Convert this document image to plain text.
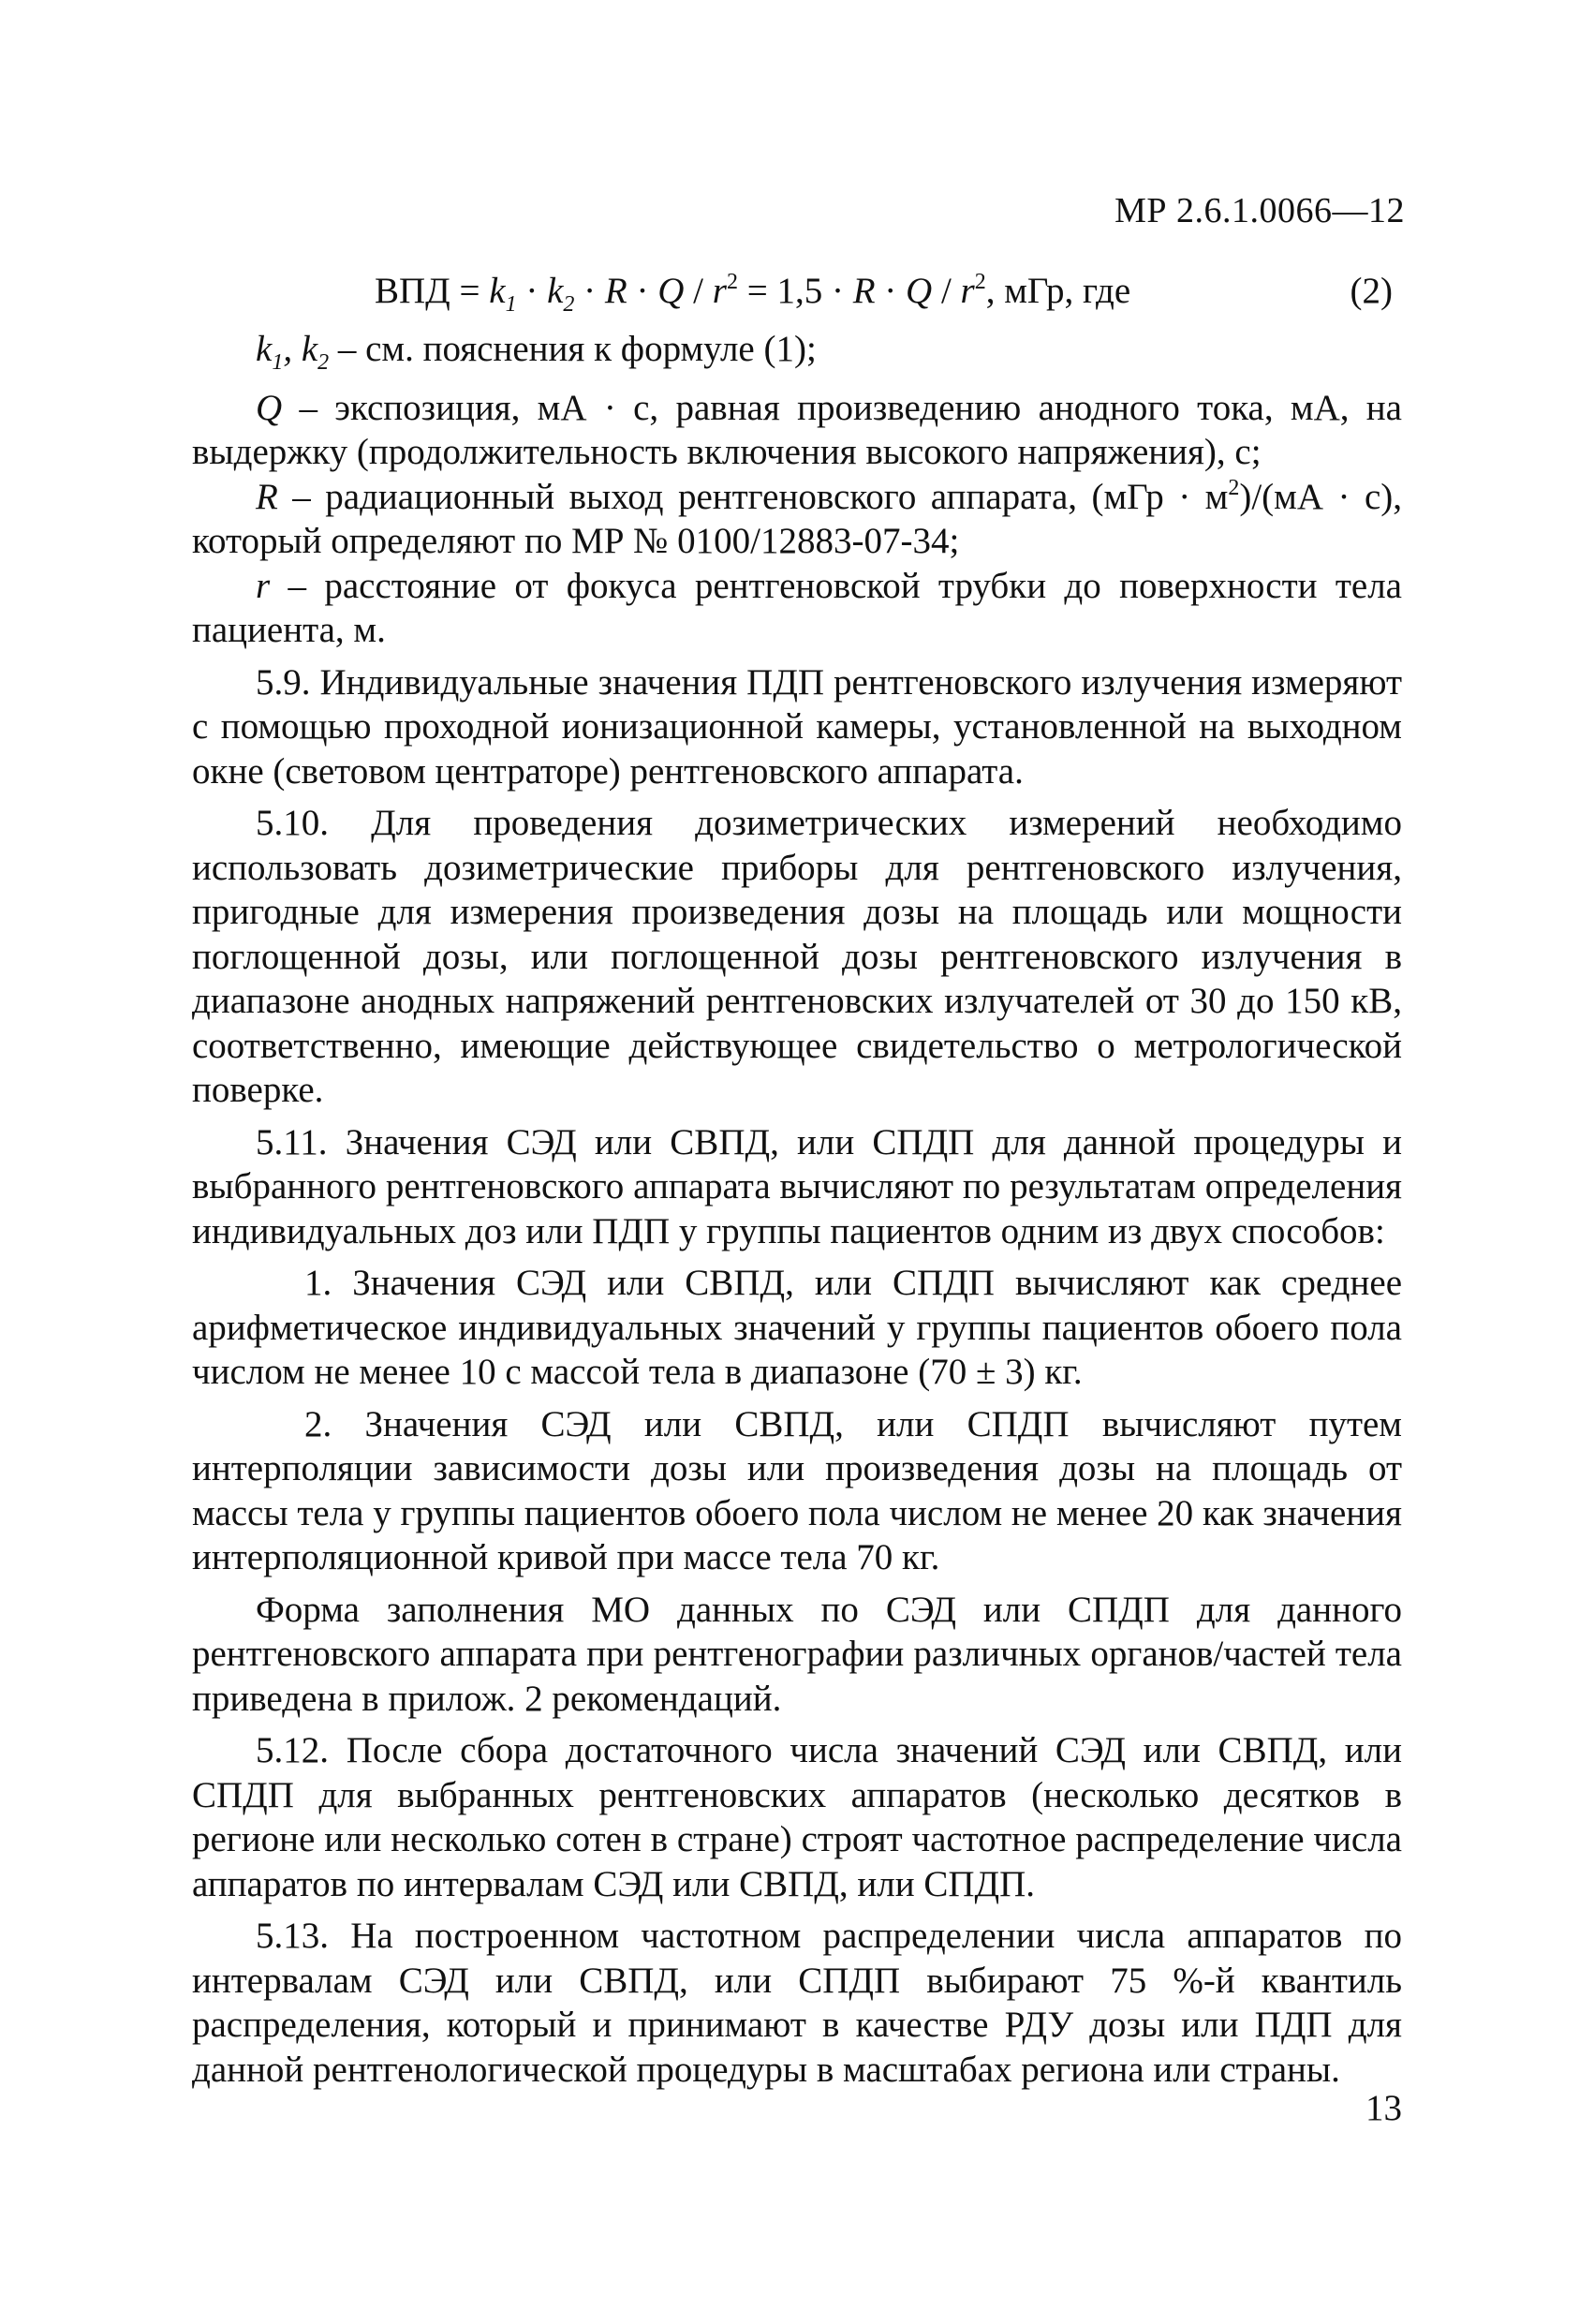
МР 2.6.1.0066—12
ВПД = $k_1 \cdot k_2 \cdot R \cdot Q / r^2 = 1,5 \cdot R \cdot Q / r^2$, мГр, где	(2)

$k_1$, $k_2$ – см. пояснения к формуле (1);

Q – экспозиция, мА · с, равная произведению анодного тока, мА, на выдержку (продолжительность включения высокого напряжения), с;

R – радиационный выход рентгеновского аппарата, $(мГр \cdot м^2)/(мА \cdot с)$, который определяют по МР № 0100/12883-07-34;

r – расстояние от фокуса рентгеновской трубки до поверхности тела пациента, м.

5.9. Индивидуальные значения ПДП рентгеновского излучения измеряют с помощью проходной ионизационной камеры, установленной на выходном окне (световом центраторе) рентгеновского аппарата.

5.10. Для проведения дозиметрических измерений необходимо использовать дозиметрические приборы для рентгеновского излучения, пригодные для измерения произведения дозы на площадь или мощности поглощенной дозы, или поглощенной дозы рентгеновского излучения в диапазоне анодных напряжений рентгеновских излучателей от 30 до 150 кВ, соответственно, имеющие действующее свидетельство о метрологической поверке.

5.11. Значения СЭД или СВПД, или СПДП для данной процедуры и выбранного рентгеновского аппарата вычисляют по результатам определения индивидуальных доз или ПДП у группы пациентов одним из двух способов:

1. Значения СЭД или СВПД, или СПДП вычисляют как среднее арифметическое индивидуальных значений у группы пациентов обоего пола числом не менее 10 с массой тела в диапазоне (70 ± 3) кг.

2. Значения СЭД или СВПД, или СПДП вычисляют путем интерполяции зависимости дозы или произведения дозы на площадь от массы тела у группы пациентов обоего пола числом не менее 20 как значения интерполяционной кривой при массе тела 70 кг.

Форма заполнения МО данных по СЭД или СПДП для данного рентгеновского аппарата при рентгенографии различных органов/частей тела приведена в прилож. 2 рекомендаций.

5.12. После сбора достаточного числа значений СЭД или СВПД, или СПДП для выбранных рентгеновских аппаратов (несколько десятков в регионе или несколько сотен в стране) строят частотное распределение числа аппаратов по интервалам СЭД или СВПД, или СПДП.

5.13. На построенном частотном распределении числа аппаратов по интервалам СЭД или СВПД, или СПДП выбирают 75 %-й квантиль распределения, который и принимают в качестве РДУ дозы или ПДП для данной рентгенологической процедуры в масштабах региона или страны.

13
